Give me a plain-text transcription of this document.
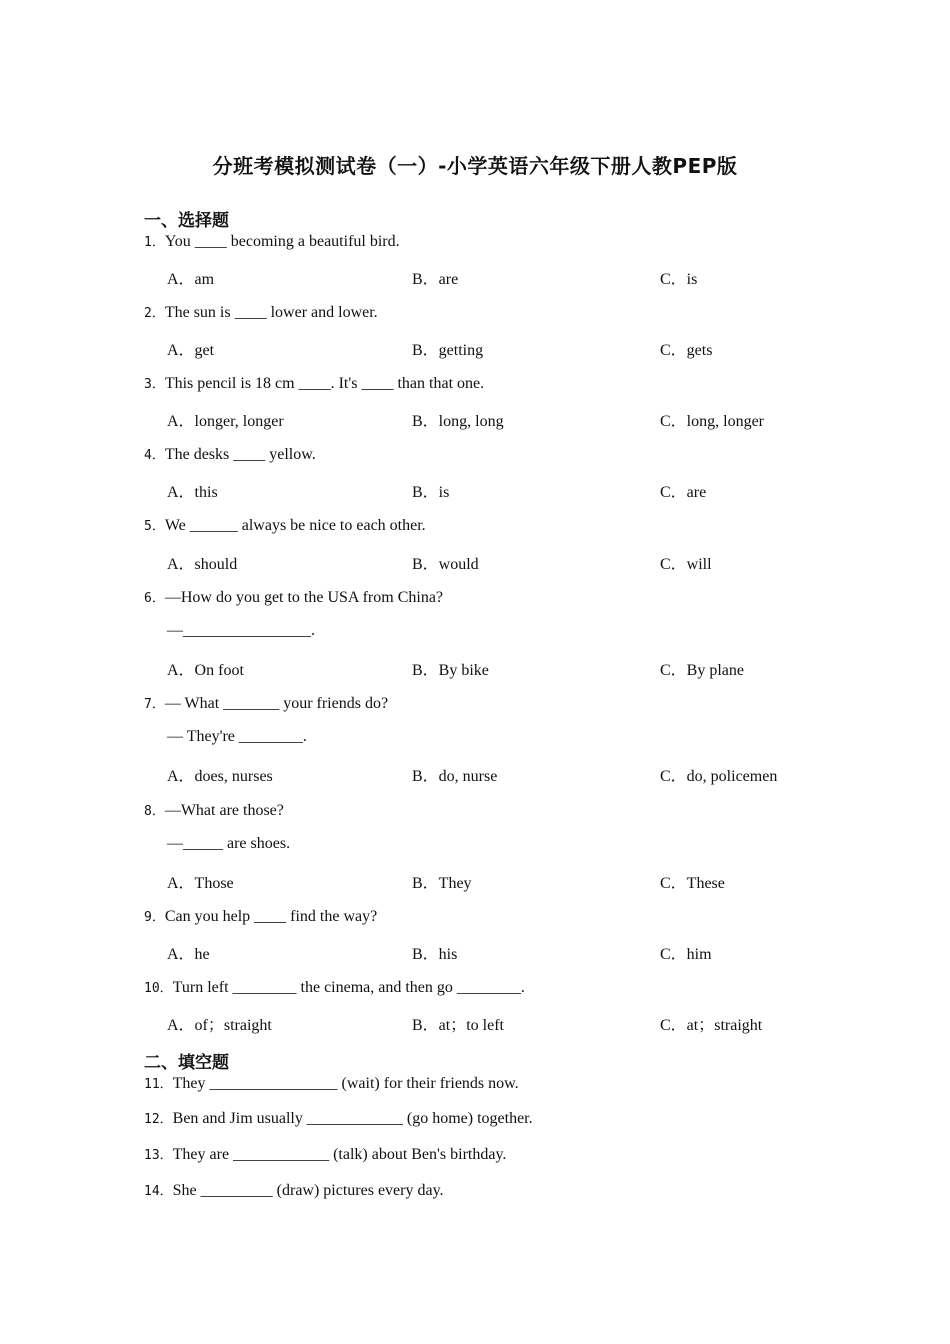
分班考模拟测试卷（一）-小学英语六年级下册人教PEP版
一、选择题
1．You ____ becoming a beautiful bird.
A．am	B．are	C．is
2．The sun is ____ lower and lower.
A．get	B．getting	C．gets
3．This pencil is 18 cm ____. It's ____ than that one.
A．longer, longer	B．long, long	C．long, longer
4．The desks ____ yellow.
A．this	B．is	C．are
5．We ______ always be nice to each other.
A．should	B．would	C．will
6．—How do you get to the USA from China?
—________________.
A．On foot	B．By bike	C．By plane
7．— What _______ your friends do?
— They're ________.
A．does, nurses	B．do, nurse	C．do, policemen
8．—What are those?
—_____ are shoes.
A．Those	B．They	C．These
9．Can you help ____ find the way?
A．he	B．his	C．him
10．Turn left ________ the cinema, and then go ________.
A．of；straight	B．at；to left	C．at；straight
二、填空题
11．They ________________ (wait) for their friends now.
12．Ben and Jim usually ____________ (go home) together.
13．They are ____________ (talk) about Ben's birthday.
14．She _________ (draw) pictures every day.
